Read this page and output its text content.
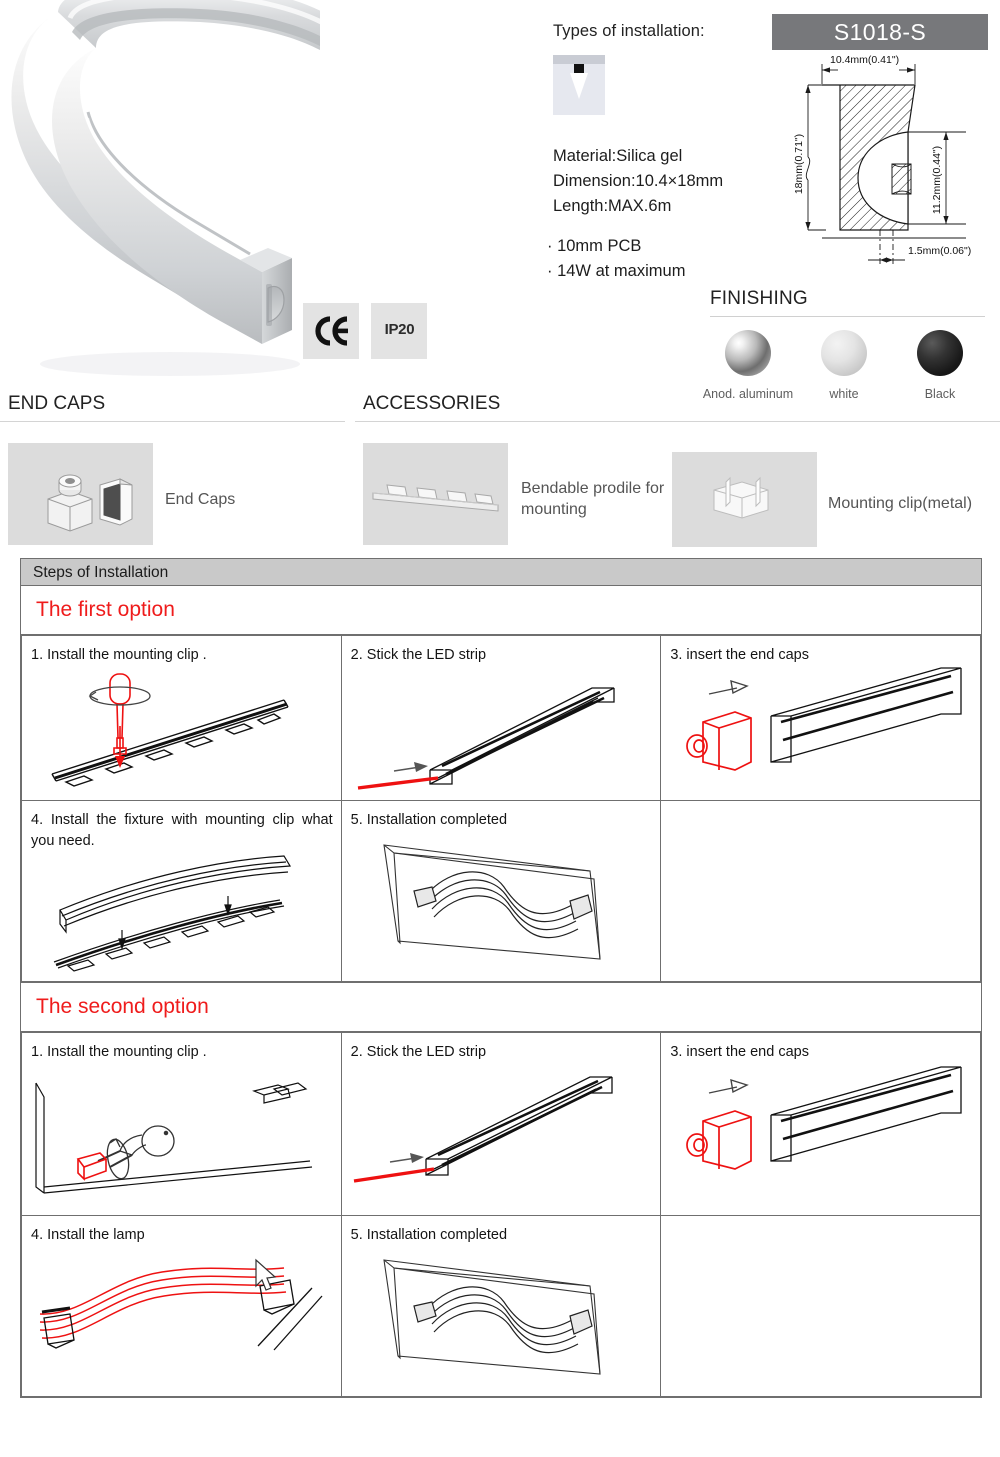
Types of installation:
Material:Silica gel
Dimension:10.4×18mm
Length:MAX.6m
· 10mm PCB
· 14W at maximum

IP20
S1018-S
10.4mm(0.41")
18mm(0.71")	11.2mm(0.44")
1.5mm(0.06")
FINISHING
Anod. aluminum	white	Black
END CAPS	ACCESSORIES
End Caps
Bendable prodile for mounting	Mounting clip(metal)
Steps of Installation
The first option
1. Install the mounting clip .	2. Stick the LED strip	3. insert the end caps

4. Install the fixture with mounting clip what you need.	5. Installation completed	

The second option
1. Install the mounting clip .	2. Stick the LED strip	3. insert the end caps

4. Install the lamp	5. Installation completed	
